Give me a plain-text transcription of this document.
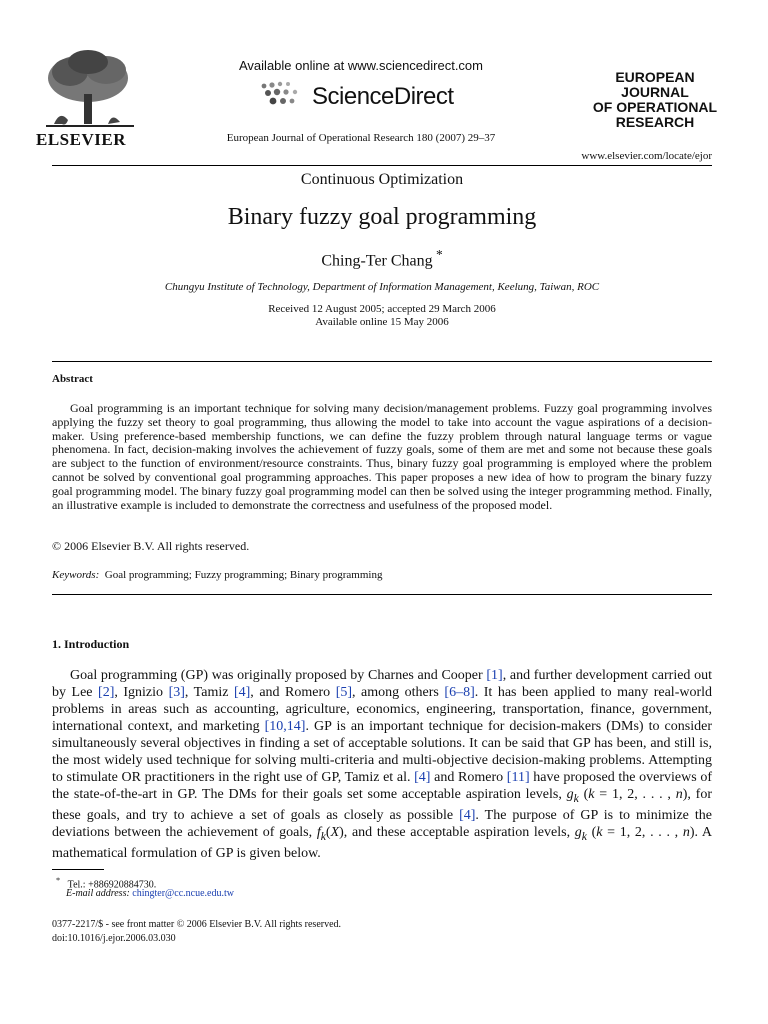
ELSEVIER
Available online at www.sciencedirect.com
ScienceDirect
European Journal of Operational Research 180 (2007) 29–37
EUROPEAN
JOURNAL
OF OPERATIONAL
RESEARCH
www.elsevier.com/locate/ejor
Continuous Optimization
Binary fuzzy goal programming
Ching-Ter Chang *
Chungyu Institute of Technology, Department of Information Management, Keelung, Taiwan, ROC
Received 12 August 2005; accepted 29 March 2006
Available online 15 May 2006
Abstract
Goal programming is an important technique for solving many decision/management problems. Fuzzy goal programming involves applying the fuzzy set theory to goal programming, thus allowing the model to take into account the vague aspirations of a decision-maker. Using preference-based membership functions, we can define the fuzzy problem through natural language terms or vague phenomena. In fact, decision-making involves the achievement of fuzzy goals, some of them are met and some not because these goals are subject to the function of environment/resource constraints. Thus, binary fuzzy goal programming is employed where the problem cannot be solved by conventional goal programming approaches. This paper proposes a new idea of how to program the binary fuzzy goal programming model. The binary fuzzy goal programming model can then be solved using the integer programming method. Finally, an illustrative example is included to demonstrate the correctness and usefulness of the proposed model.
© 2006 Elsevier B.V. All rights reserved.
Keywords: Goal programming; Fuzzy programming; Binary programming
1. Introduction
Goal programming (GP) was originally proposed by Charnes and Cooper [1], and further development carried out by Lee [2], Ignizio [3], Tamiz [4], and Romero [5], among others [6–8]. It has been applied to many real-world problems in areas such as accounting, agriculture, economics, engineering, transportation, finance, government, international context, and marketing [10,14]. GP is an important technique for decision-makers (DMs) to consider simultaneously several objectives in finding a set of acceptable solutions. It can be said that GP has been, and still is, the most widely used technique for solving multi-criteria and multi-objective decision-making problems. Attempting to stimulate OR practitioners in the right use of GP, Tamiz et al. [4] and Romero [11] have proposed the overviews of the state-of-the-art in GP. The DMs for their goals set some acceptable aspiration levels, $g_k$ (k = 1, 2, . . . , n), for these goals, and try to achieve a set of goals as closely as possible [4]. The purpose of GP is to minimize the deviations between the achievement of goals, $f_k(X)$, and these acceptable aspiration levels, $g_k$ (k = 1, 2, . . . , n). A mathematical formulation of GP is given below.
* Tel.: +886920884730.
E-mail address: chingter@cc.ncue.edu.tw
0377-2217/$ - see front matter © 2006 Elsevier B.V. All rights reserved.
doi:10.1016/j.ejor.2006.03.030
